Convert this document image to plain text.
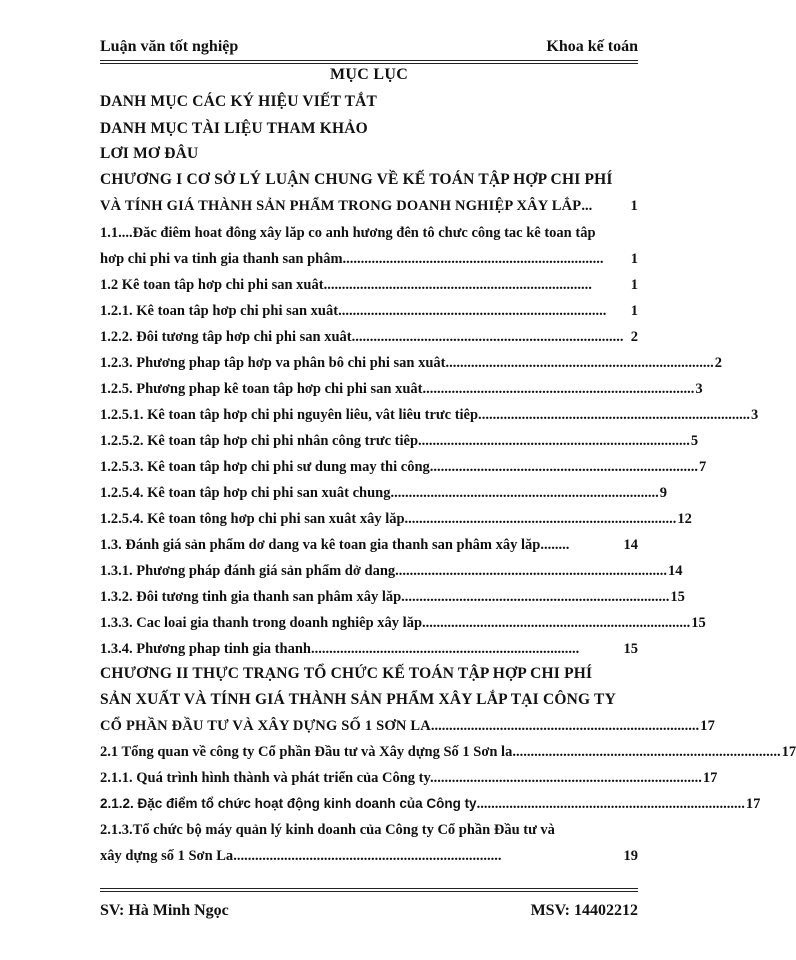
Luận văn tốt nghiệp	Khoa kế toán
MỤC LỤC
DANH MỤC CÁC KÝ HIỆU VIẾT TẮT
DANH MỤC TÀI LIỆU THAM KHẢO
LƠI MƠ ĐÂU
CHƯƠNG I CƠ SỞ LÝ LUẬN CHUNG VỀ KẾ TOÁN TẬP HỢP CHI PHÍ
VÀ TÍNH GIÁ THÀNH SẢN PHẨM TRONG DOANH NGHIỆP XÂY LẮP ...	1
1.1....Đăc điêm hoat đông xây lăp co anh hương đên tô chưc công tac kê toan tâp
hơp chi phi va tinh gia thanh san phâm. .......................................................................	1
1.2 Kê toan tâp hơp chi phi san xuât ..........................................................................	1
1.2.1. Kê toan tâp hơp chi phi san xuât ..........................................................................	1
1.2.2. Đôi tương tâp hơp chi phi san xuât. .......................................................................... 2
1.2.3. Phương phap tâp hơp va phân bô chi phi san xuât .......................................................................... 2
1.2.5. Phương phap kê toan tâp hơp chi phi san xuât. .......................................................................... 3
1.2.5.1. Kê toan tâp hơp chi phi nguyên liêu, vât liêu trưc tiêp. .......................................................................... 3
1.2.5.2. Kê toan tâp hơp chi phi nhân công trưc tiêp. .......................................................................... 5
1.2.5.3. Kê toan tâp hơp chi phi sư dung may thi công .......................................................................... 7
1.2.5.4. Kê toan tâp hơp chi phi san xuât chung .......................................................................... 9
1.2.5.4. Kê toan tông hơp chi phi san xuât xây lăp. .......................................................................... 12
1.3. Đánh giá sản phẩm dơ dang va kê toan gia thanh san phâm xây lăp ........	14
1.3.1. Phương pháp đánh giá sản phẩm dở dang. .......................................................................... 14
1.3.2. Đôi tương tinh gia thanh san phâm xây lăp .......................................................................... 15
1.3.3. Cac loai gia thanh trong doanh nghiêp xây lăp .......................................................................... 15
1.3.4. Phương phap tinh gia thanh ..........................................................................	15
CHƯƠNG II THỰC TRẠNG TỔ CHỨC KẾ TOÁN TẬP HỢP CHI PHÍ
SẢN XUẤT VÀ TÍNH GIÁ THÀNH SẢN PHẨM XÂY LẮP TẠI CÔNG TY
CỔ PHẦN ĐẦU TƯ VÀ XÂY DỰNG SỐ 1 SƠN LA .......................................................................... 17
2.1 Tổng quan về công ty Cổ phần Đầu tư và Xây dựng Số 1 Sơn la .......................................................................... 17
2.1.1. Quá trình hình thành và phát triển của Công ty. .......................................................................... 17
2.1.2. Đặc điểm tổ chức hoạt động kinh doanh của Công ty .......................................................................... 17
2.1.3.Tổ chức bộ máy quản lý kinh doanh của Công ty Cổ phần Đầu tư và
xây dựng số 1 Sơn La ..........................................................................	19
SV: Hà Minh Ngọc	MSV: 14402212
